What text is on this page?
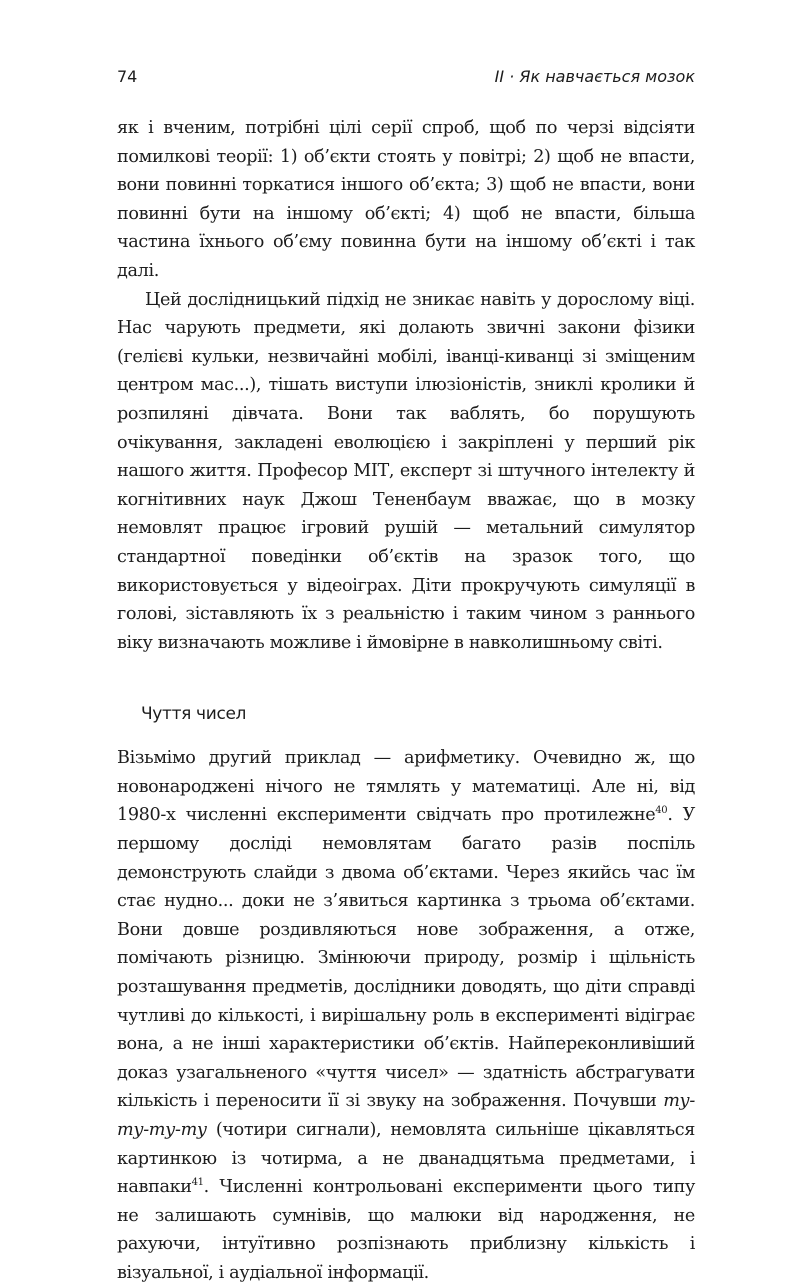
74	II · Як навчається мозок

як і вченим, потрібні цілі серії спроб, щоб по черзі відсіяти помилкові теорії: 1) об’єкти стоять у повітрі; 2) щоб не впасти, вони повинні торкатися іншого об’єкта; 3) щоб не впасти, вони повинні бути на іншому об’єкті; 4) щоб не впасти, більша частина їхнього об’єму повинна бути на іншому об’єкті і так далі.

Цей дослідницький підхід не зникає навіть у дорослому віці. Нас чарують предмети, які долають звичні закони фізики (гелієві кульки, незвичайні мобілі, іванці-киванці зі зміщеним центром мас...), тішать виступи ілюзіоністів, зниклі кролики й розпиляні дівчата. Вони так ваблять, бо порушують очікування, закладені еволюцією і закріплені у перший рік нашого життя. Професор MIT, експерт зі штучного інтелекту й когнітивних наук Джош Тененбаум вважає, що в мозку немовлят працює ігровий рушій — метальний симулятор стандартної поведінки об’єктів на зразок того, що використовується у відеоіграх. Діти прокручують симуляції в голові, зіставляють їх з реальністю і таким чином з раннього віку визначають можливе і ймовірне в навколишньому світі.

Чуття чисел

Візьмімо другий приклад — арифметику. Очевидно ж, що новонароджені нічого не тямлять у математиці. Але ні, від 1980-х численні експерименти свідчать про протилежне$^{40}$. У першому досліді немовлятам багато разів поспіль демонструють слайди з двома об’єктами. Через якийсь час їм стає нудно... доки не з’явиться картинка з трьома об’єктами. Вони довше роздивляються нове зображення, а отже, помічають різницю. Змінюючи природу, розмір і щільність розташування предметів, дослідники доводять, що діти справді чутливі до кількості, і вирішальну роль в експерименті відіграє вона, а не інші характеристики об’єктів. Найпереконливіший доказ узагальненого «чуття чисел» — здатність абстрагувати кількість і переносити її зі звуку на зображення. Почувши ту-ту-ту-ту (чотири сигнали), немовлята сильніше цікавляться картинкою із чотирма, а не дванадцятьма предметами, і навпаки$^{41}$. Численні контрольовані експерименти цього типу не залишають сумнівів, що малюки від народження, не рахуючи, інтуїтивно розпізнають приблизну кількість і візуальної, і аудіальної інформації.
